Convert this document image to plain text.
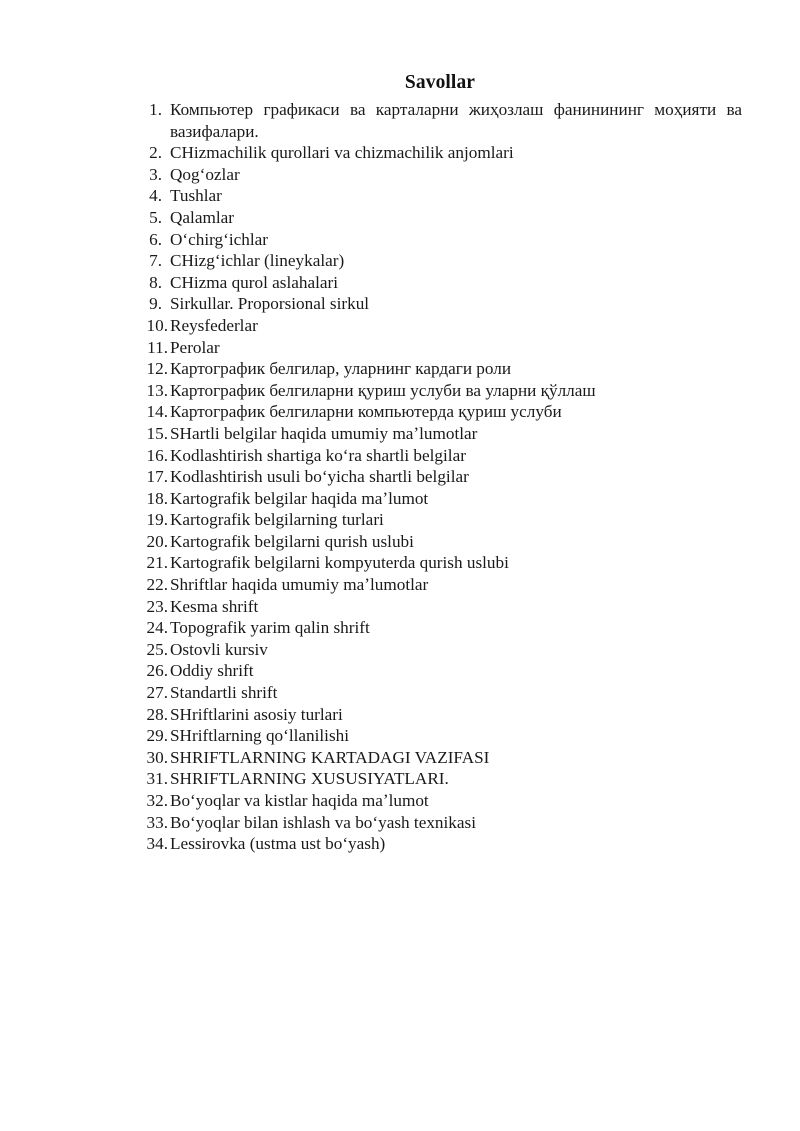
Savollar
1. Компьютер графикаси ва карталарни жиҳозлаш фанинининг моҳияти ва вазифалари.
2. CHizmachilik qurollari va chizmachilik anjomlari
3. Qogʻozlar
4. Tushlar
5. Qalamlar
6. Oʻchirgʻichlar
7. CHizgʻichlar (lineykalar)
8. CHizma qurol aslahalari
9. Sirkullar. Proporsional sirkul
10. Reysfederlar
11. Perolar
12. Картографик белгилар, уларнинг кардаги роли
13. Картографик белгиларни қуриш услуби ва уларни қўллаш
14. Картографик белгиларни компьютерда қуриш услуби
15. SHartli belgilar haqida umumiy maʼlumotlar
16. Kodlashtirish shartiga koʻra shartli belgilar
17. Kodlashtirish usuli boʻyicha shartli belgilar
18. Kartografik belgilar haqida maʼlumot
19. Kartografik belgilarning turlari
20. Kartografik belgilarni qurish uslubi
21. Kartografik belgilarni kompyuterda qurish uslubi
22. Shriftlar haqida umumiy maʼlumotlar
23. Kesma shrift
24. Topografik yarim qalin shrift
25. Ostovli kursiv
26. Oddiy shrift
27. Standartli shrift
28. SHriftlarini asosiy turlari
29. SHriftlarning qoʻllanilishi
30. SHRIFTLARNING KARTADAGI VAZIFASI
31. SHRIFTLARNING XUSUSIYATLARI.
32. Boʻyoqlar va kistlar haqida maʼlumot
33. Boʻyoqlar bilan ishlash va boʻyash texnikasi
34. Lessirovka (ustma ust boʻyash)
